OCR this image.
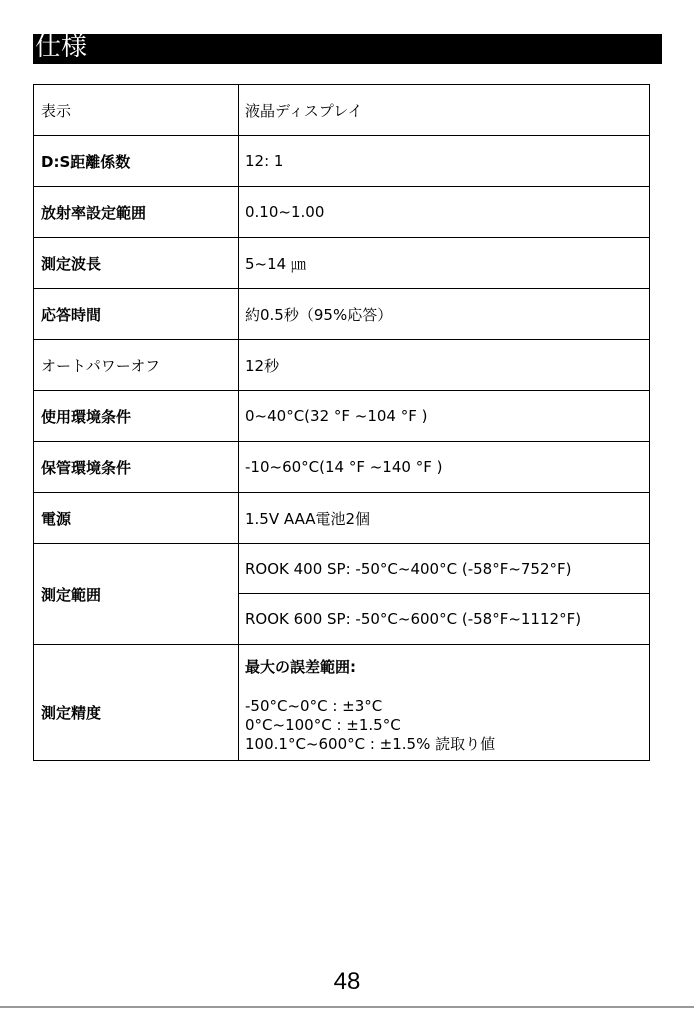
仕様
表示	液晶ディスプレイ
D:S距離係数	12: 1
放射率設定範囲	0.10~1.00
測定波長	5~14 ㎛
応答時間	約0.5秒（95%応答）
オートパワーオフ	12秒
使用環境条件	0~40°C(32 °F ~104 °F )
保管環境条件	-10~60°C(14 °F ~140 °F )
電源	1.5V AAA電池2個
測定範囲	ROOK 400 SP: -50°C~400°C (-58°F~752°F)
ROOK 600 SP: -50°C~600°C (-58°F~1112°F)

測定精度	最大の誤差範囲:
-50°C~0°C : ±3°C
0°C~100°C : ±1.5°C
100.1°C~600°C : ±1.5% 読取り値
48
